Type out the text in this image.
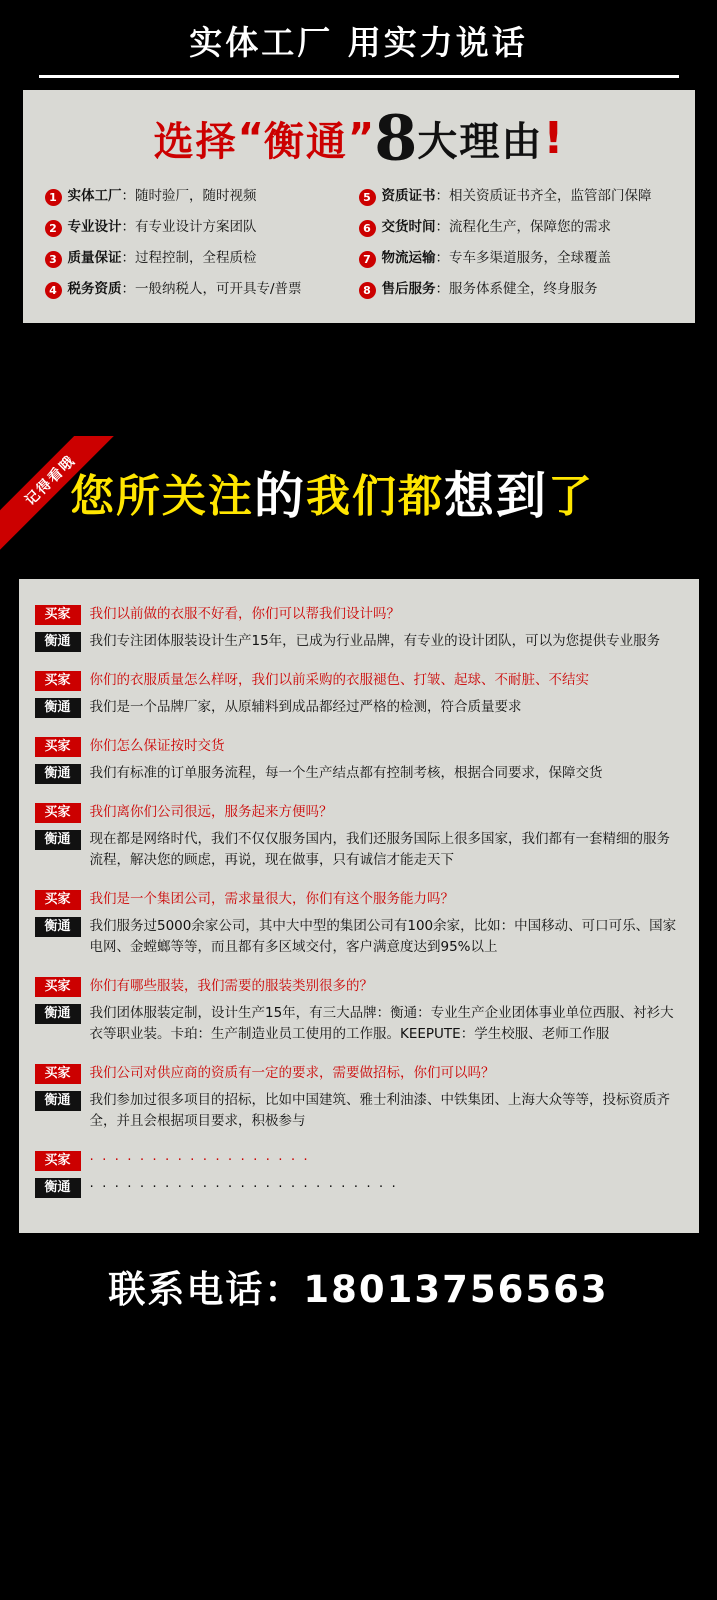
实体工厂 用实力说话
选择“衡通”8大理由!
1 实体工厂：随时验厂，随时视频	5 资质证书：相关资质证书齐全，监管部门保障
2 专业设计：有专业设计方案团队	6 交货时间：流程化生产，保障您的需求
3 质量保证：过程控制，全程质检	7 物流运输：专车多渠道服务，全球覆盖
4 税务资质：一般纳税人，可开具专/普票	8 售后服务：服务体系健全，终身服务
记得看哦
您所关注的我们都想到了
买家	我们以前做的衣服不好看，你们可以帮我们设计吗？
衡通	我们专注团体服装设计生产15年，已成为行业品牌，有专业的设计团队，可以为您提供专业服务
买家	你们的衣服质量怎么样呀，我们以前采购的衣服褪色、打皱、起球、不耐脏、不结实
衡通	我们是一个品牌厂家，从原辅料到成品都经过严格的检测，符合质量要求
买家	你们怎么保证按时交货
衡通	我们有标准的订单服务流程，每一个生产结点都有控制考核，根据合同要求，保障交货
买家	我们离你们公司很远，服务起来方便吗？
衡通	现在都是网络时代，我们不仅仅服务国内，我们还服务国际上很多国家，我们都有一套精细的服务流程，解决您的顾虑，再说，现在做事，只有诚信才能走天下
买家	我们是一个集团公司，需求量很大，你们有这个服务能力吗？
衡通	我们服务过5000余家公司，其中大中型的集团公司有100余家，比如：中国移动、可口可乐、国家电网、金螳螂等等，而且都有多区域交付，客户满意度达到95%以上
买家	你们有哪些服装，我们需要的服装类别很多的？
衡通	我们团体服装定制，设计生产15年，有三大品牌：衡通：专业生产企业团体事业单位西服、衬衫大衣等职业装。卡珀：生产制造业员工使用的工作服。KEEPUTE：学生校服、老师工作服
买家	我们公司对供应商的资质有一定的要求，需要做招标，你们可以吗？
衡通	我们参加过很多项目的招标，比如中国建筑、雅士利油漆、中铁集团、上海大众等等，投标资质齐全，并且会根据项目要求，积极参与
买家	· · · · · · · · · · · · · · · · · ·
衡通	· · · · · · · · · · · · · · · · · · · · · · · · ·
联系电话：18013756563
